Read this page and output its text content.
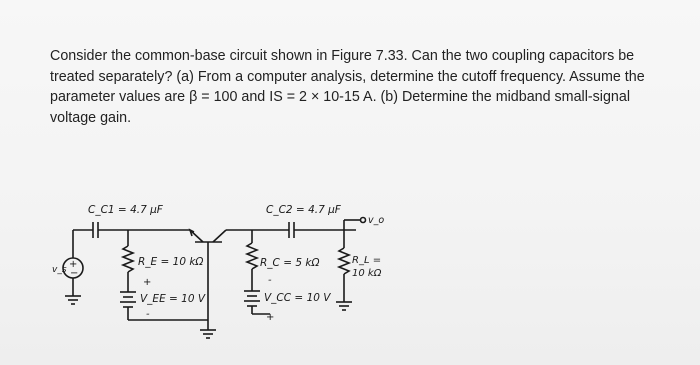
Consider the common-base circuit shown in Figure 7.33. Can the two coupling capacitors be
treated separately? (a) From a computer analysis, determine the cutoff frequency. Assume the
parameter values are β = 100 and IS = 2 × 10-15 A. (b) Determine the midband small-signal
voltage gain.
+
−
v_s
C_C1 = 4.7 μF
R_E = 10 kΩ
+
V_EE = 10 V
-
R_C = 5 kΩ
-
V_CC = 10 V
+
C_C2 = 4.7 μF
v_o
R_L =
10 kΩ
